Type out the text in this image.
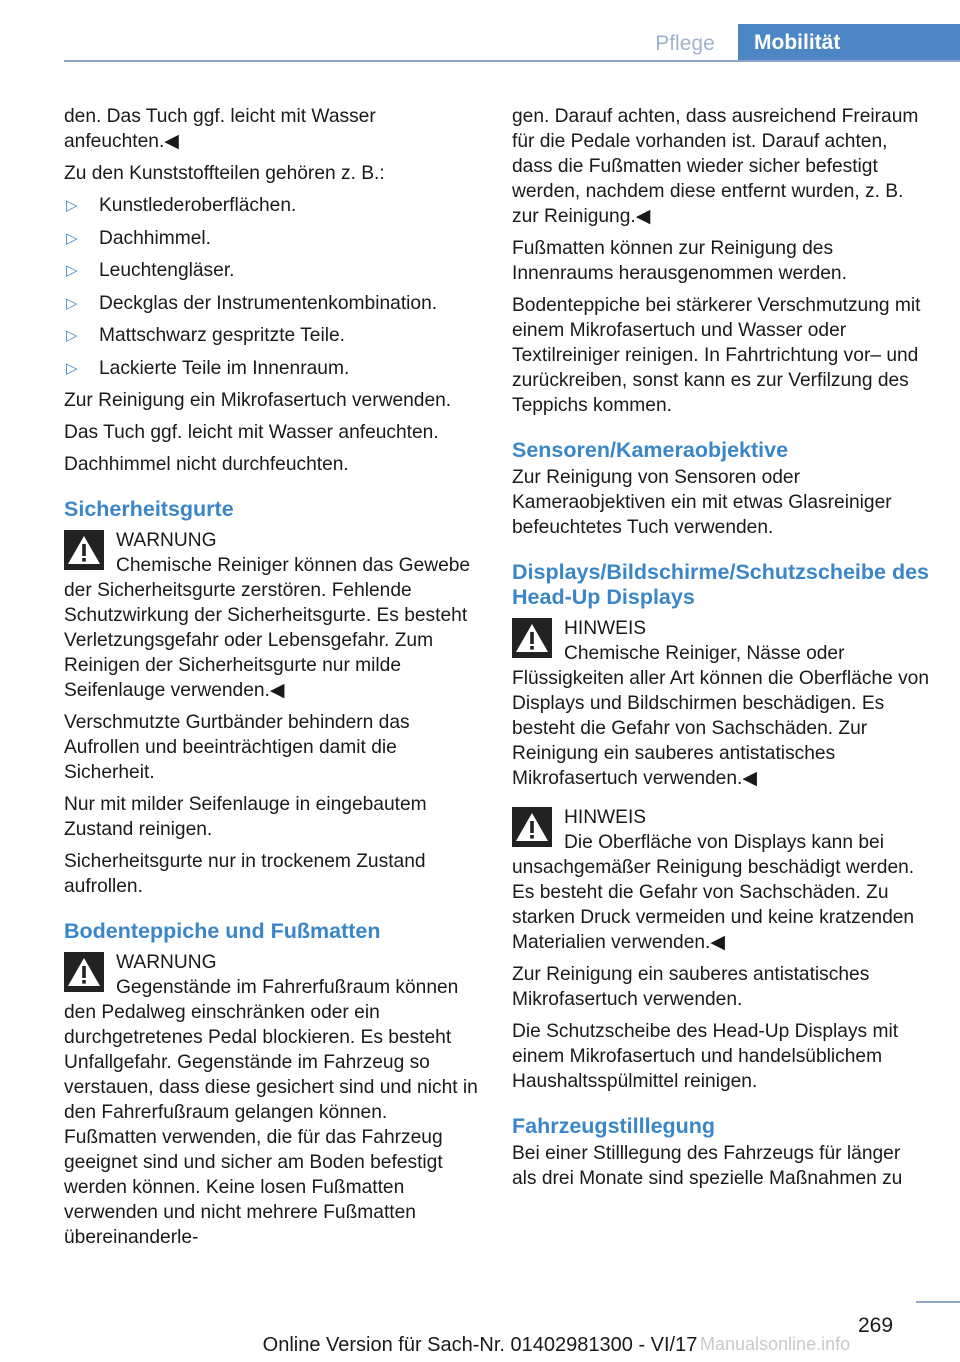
Pflege	Mobilität

den. Das Tuch ggf. leicht mit Wasser anfeuchten.◀

Zu den Kunststoffteilen gehören z. B.:

▷ Kunstlederoberflächen.
▷ Dachhimmel.
▷ Leuchtengläser.
▷ Deckglas der Instrumentenkombination.
▷ Mattschwarz gespritzte Teile.
▷ Lackierte Teile im Innenraum.

Zur Reinigung ein Mikrofasertuch verwenden.

Das Tuch ggf. leicht mit Wasser anfeuchten.

Dachhimmel nicht durchfeuchten.

Sicherheitsgurte
WARNUNG
Chemische Reiniger können das Gewebe der Sicherheitsgurte zerstören. Fehlende Schutzwirkung der Sicherheitsgurte. Es besteht Verletzungsgefahr oder Lebensgefahr. Zum Reinigen der Sicherheitsgurte nur milde Seifenlauge verwenden.◀

Verschmutzte Gurtbänder behindern das Aufrollen und beeinträchtigen damit die Sicherheit.

Nur mit milder Seifenlauge in eingebautem Zustand reinigen.

Sicherheitsgurte nur in trockenem Zustand aufrollen.

Bodenteppiche und Fußmatten
WARNUNG
Gegenstände im Fahrerfußraum können den Pedalweg einschränken oder ein durchgetretenes Pedal blockieren. Es besteht Unfallgefahr. Gegenstände im Fahrzeug so verstauen, dass diese gesichert sind und nicht in den Fahrerfußraum gelangen können. Fußmatten verwenden, die für das Fahrzeug geeignet sind und sicher am Boden befestigt werden können. Keine losen Fußmatten verwenden und nicht mehrere Fußmatten übereinanderle-

gen. Darauf achten, dass ausreichend Freiraum für die Pedale vorhanden ist. Darauf achten, dass die Fußmatten wieder sicher befestigt werden, nachdem diese entfernt wurden, z. B. zur Reinigung.◀

Fußmatten können zur Reinigung des Innenraums herausgenommen werden.

Bodenteppiche bei stärkerer Verschmutzung mit einem Mikrofasertuch und Wasser oder Textilreiniger reinigen. In Fahrtrichtung vor– und zurückreiben, sonst kann es zur Verfilzung des Teppichs kommen.

Sensoren/Kameraobjektive

Zur Reinigung von Sensoren oder Kameraobjektiven ein mit etwas Glasreiniger befeuchtetes Tuch verwenden.

Displays/Bildschirme/Schutzscheibe des Head-Up Displays
HINWEIS
Chemische Reiniger, Nässe oder Flüssigkeiten aller Art können die Oberfläche von Displays und Bildschirmen beschädigen. Es besteht die Gefahr von Sachschäden. Zur Reinigung ein sauberes antistatisches Mikrofasertuch verwenden.◀
HINWEIS
Die Oberfläche von Displays kann bei unsachgemäßer Reinigung beschädigt werden. Es besteht die Gefahr von Sachschäden. Zu starken Druck vermeiden und keine kratzenden Materialien verwenden.◀

Zur Reinigung ein sauberes antistatisches Mikrofasertuch verwenden.

Die Schutzscheibe des Head-Up Displays mit einem Mikrofasertuch und handelsüblichem Haushaltsspülmittel reinigen.

Fahrzeugstilllegung

Bei einer Stilllegung des Fahrzeugs für länger als drei Monate sind spezielle Maßnahmen zu

269
Online Version für Sach-Nr. 01402981300 - VI/17 Manualsonline.info
